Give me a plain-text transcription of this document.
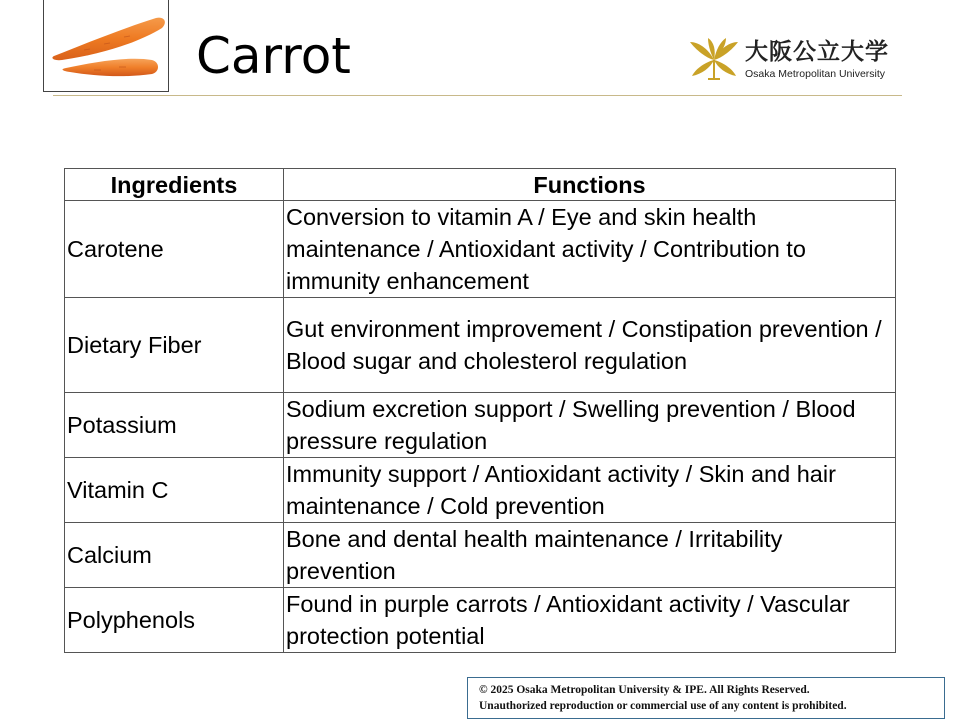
Carrot	大阪公立大学
Osaka Metropolitan University
Ingredients	Functions
Carotene	Conversion to vitamin A / Eye and skin health maintenance / Antioxidant activity / Contribution to immunity enhancement
Dietary Fiber	Gut environment improvement / Constipation prevention / Blood sugar and cholesterol regulation
Potassium	Sodium excretion support / Swelling prevention / Blood pressure regulation
Vitamin C	Immunity support / Antioxidant activity / Skin and hair maintenance / Cold prevention
Calcium	Bone and dental health maintenance / Irritability prevention
Polyphenols	Found in purple carrots / Antioxidant activity / Vascular protection potential
© 2025 Osaka Metropolitan University & IPE. All Rights Reserved.
Unauthorized reproduction or commercial use of any content is prohibited.
